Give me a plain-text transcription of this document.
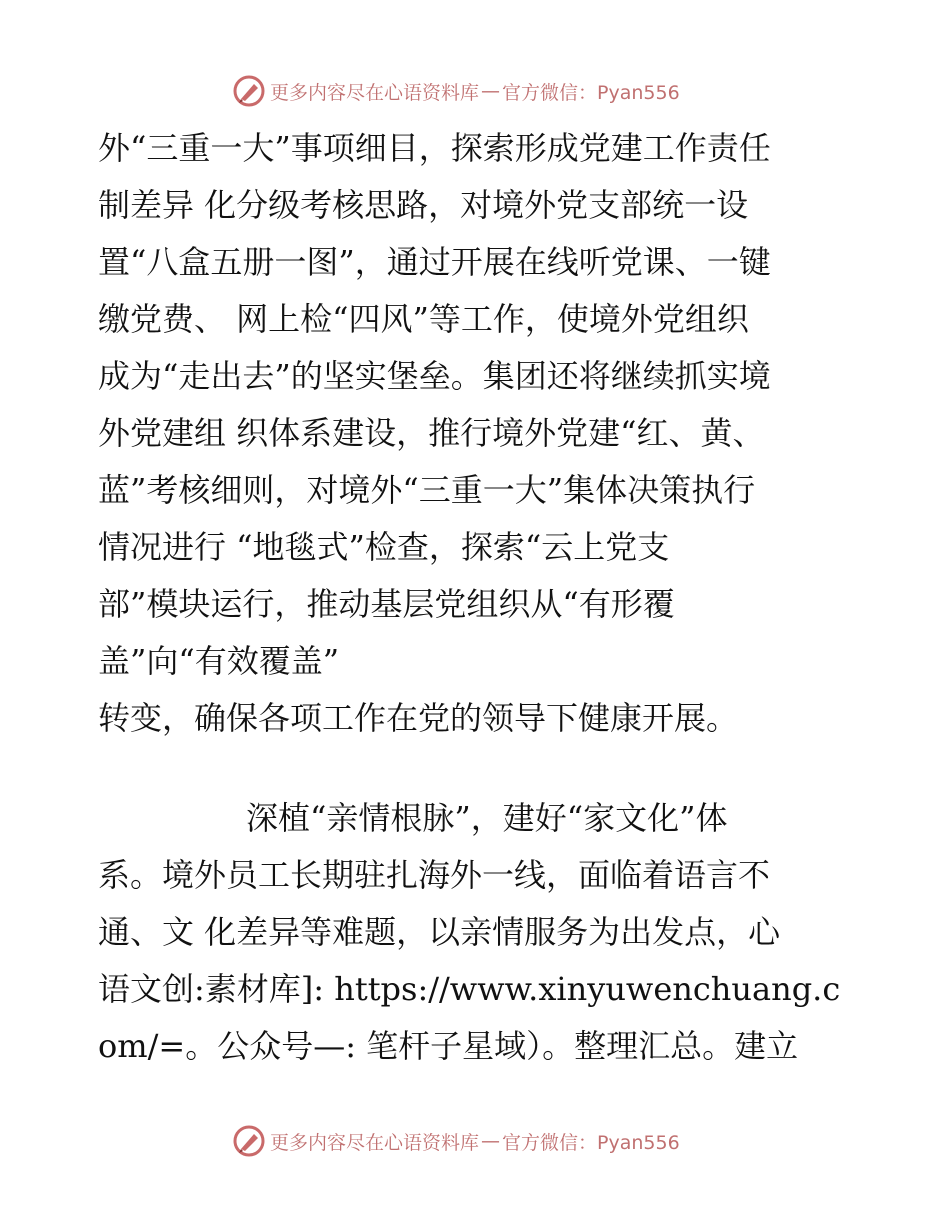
更多内容尽在心语资料库 — 官方微信：Pyan556
外“三重一大”事项细目，探索形成党建工作责任
制差异 化分级考核思路，对境外党支部统一设
置“八盒五册一图”，通过开展在线听党课、一键
缴党费、 网上检“四风”等工作，使境外党组织
成为“走出去”的坚实堡垒。集团还将继续抓实境
外党建组 织体系建设，推行境外党建“红、黄、
蓝”考核细则，对境外“三重一大”集体决策执行
情况进行 “地毯式”检查，探索“云上党支
部”模块运行，推动基层党组织从“有形覆
盖”向“有效覆盖”
转变，确保各项工作在党的领导下健康开展。
深植“亲情根脉”，建好“家文化”体
系。境外员工长期驻扎海外一线，面临着语言不
通、文 化差异等难题，以亲情服务为出发点，心
语文创:素材库]: https://www.xinyuwenchuang.c
om/=。公众号—: 笔杆子星域）。整理汇总。建立
更多内容尽在心语资料库 — 官方微信：Pyan556
